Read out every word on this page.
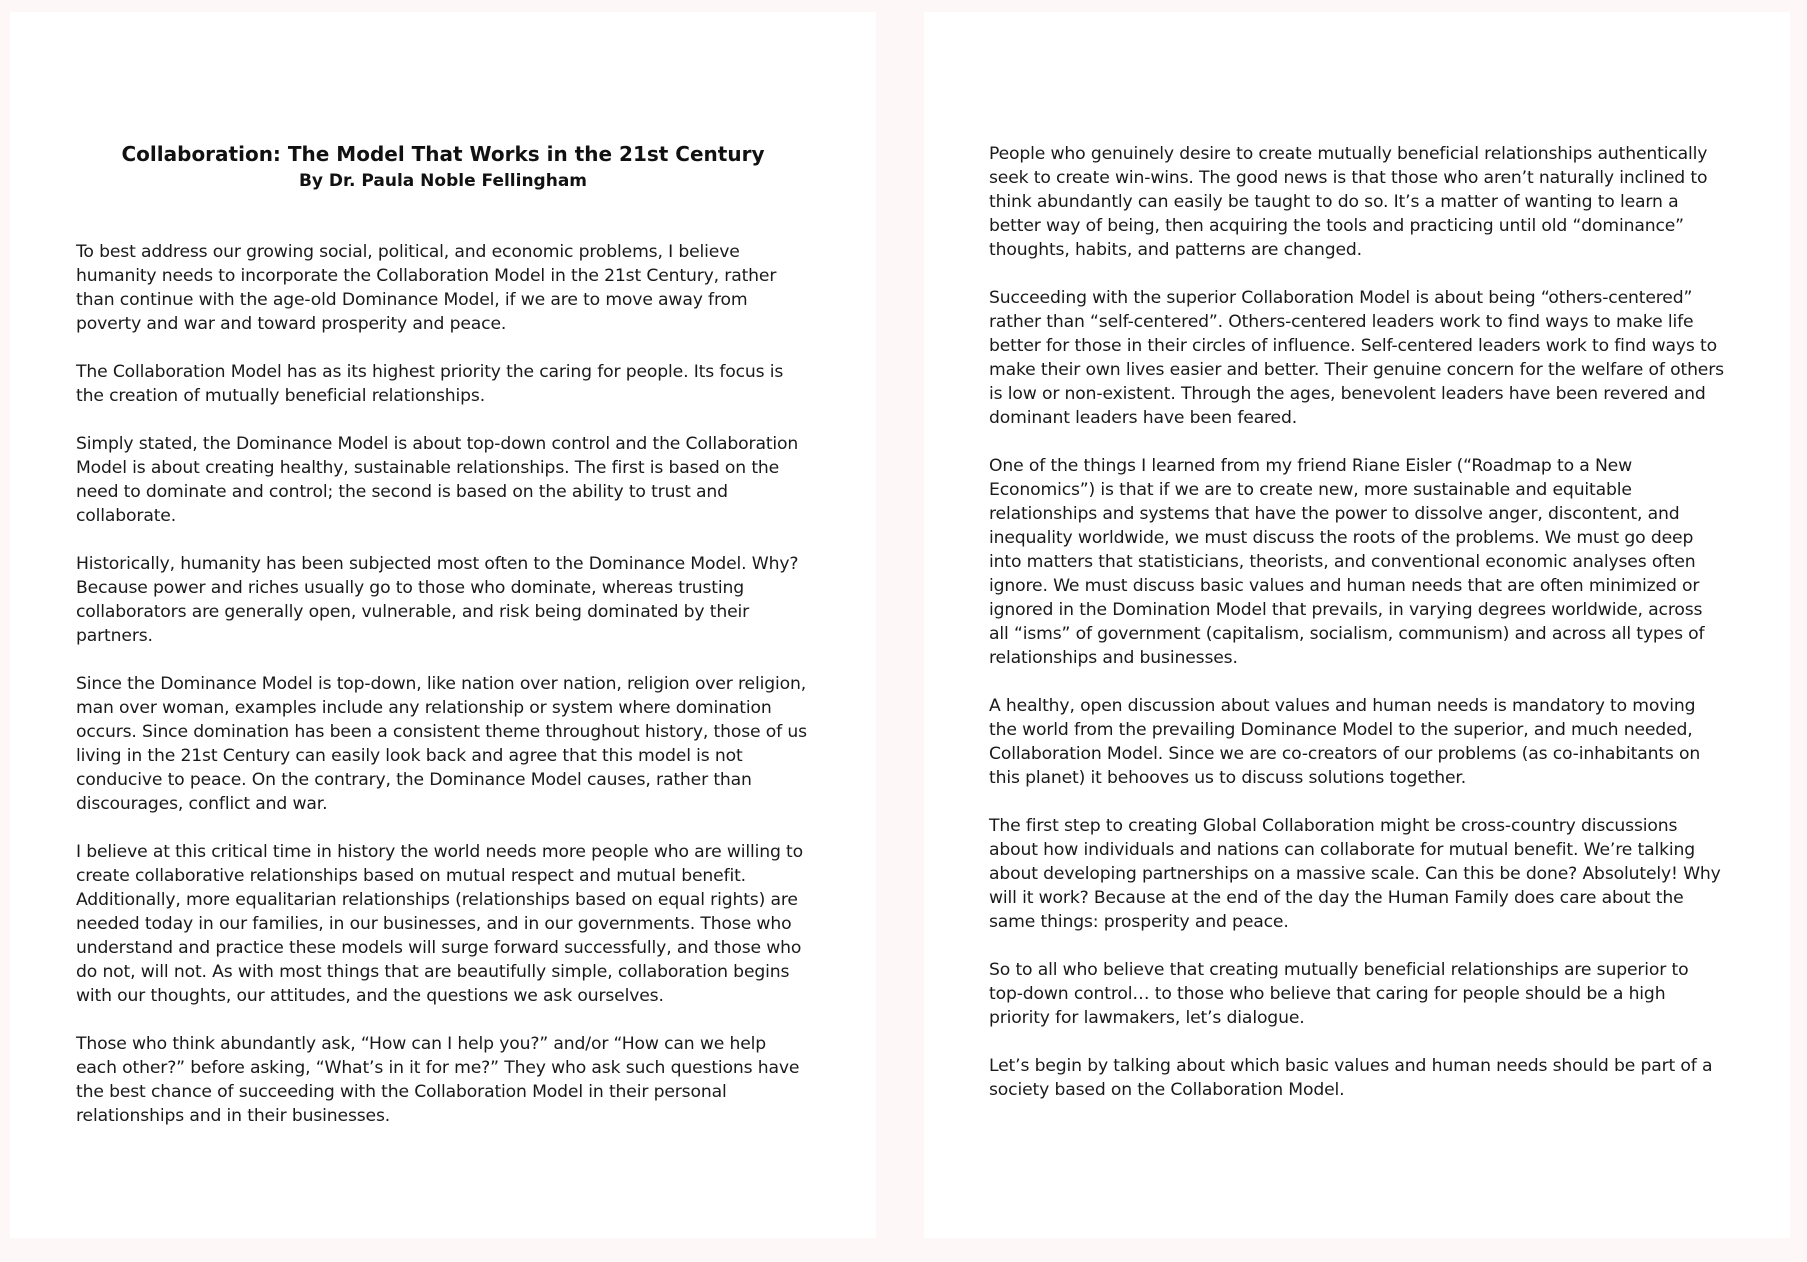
Collaboration: The Model That Works in the 21st Century
By Dr. Paula Noble Fellingham

To best address our growing social, political, and economic problems, I believe humanity needs to incorporate the Collaboration Model in the 21st Century, rather than continue with the age-old Dominance Model, if we are to move away from poverty and war and toward prosperity and peace.

The Collaboration Model has as its highest priority the caring for people. Its focus is the creation of mutually beneficial relationships.

Simply stated, the Dominance Model is about top-down control and the Collaboration Model is about creating healthy, sustainable relationships. The first is based on the need to dominate and control; the second is based on the ability to trust and collaborate.

Historically, humanity has been subjected most often to the Dominance Model. Why? Because power and riches usually go to those who dominate, whereas trusting collaborators are generally open, vulnerable, and risk being dominated by their partners.

Since the Dominance Model is top-down, like nation over nation, religion over religion, man over woman, examples include any relationship or system where domination occurs. Since domination has been a consistent theme throughout history, those of us living in the 21st Century can easily look back and agree that this model is not conducive to peace. On the contrary, the Dominance Model causes, rather than discourages, conflict and war.

I believe at this critical time in history the world needs more people who are willing to create collaborative relationships based on mutual respect and mutual benefit. Additionally, more equalitarian relationships (relationships based on equal rights) are needed today in our families, in our businesses, and in our governments. Those who understand and practice these models will surge forward successfully, and those who do not, will not. As with most things that are beautifully simple, collaboration begins with our thoughts, our attitudes, and the questions we ask ourselves.

Those who think abundantly ask, “How can I help you?” and/or “How can we help each other?” before asking, “What’s in it for me?” They who ask such questions have the best chance of succeeding with the Collaboration Model in their personal relationships and in their businesses.

People who genuinely desire to create mutually beneficial relationships authentically seek to create win-wins. The good news is that those who aren’t naturally inclined to think abundantly can easily be taught to do so. It’s a matter of wanting to learn a better way of being, then acquiring the tools and practicing until old “dominance” thoughts, habits, and patterns are changed.

Succeeding with the superior Collaboration Model is about being “others-centered” rather than “self-centered”. Others-centered leaders work to find ways to make life better for those in their circles of influence. Self-centered leaders work to find ways to make their own lives easier and better. Their genuine concern for the welfare of others is low or non-existent. Through the ages, benevolent leaders have been revered and dominant leaders have been feared.

One of the things I learned from my friend Riane Eisler (“Roadmap to a New Economics”) is that if we are to create new, more sustainable and equitable relationships and systems that have the power to dissolve anger, discontent, and inequality worldwide, we must discuss the roots of the problems. We must go deep into matters that statisticians, theorists, and conventional economic analyses often ignore. We must discuss basic values and human needs that are often minimized or ignored in the Domination Model that prevails, in varying degrees worldwide, across all “isms” of government (capitalism, socialism, communism) and across all types of relationships and businesses.

A healthy, open discussion about values and human needs is mandatory to moving the world from the prevailing Dominance Model to the superior, and much needed, Collaboration Model. Since we are co-creators of our problems (as co-inhabitants on this planet) it behooves us to discuss solutions together.

The first step to creating Global Collaboration might be cross-country discussions about how individuals and nations can collaborate for mutual benefit. We’re talking about developing partnerships on a massive scale. Can this be done? Absolutely! Why will it work? Because at the end of the day the Human Family does care about the same things: prosperity and peace.

So to all who believe that creating mutually beneficial relationships are superior to top-down control… to those who believe that caring for people should be a high priority for lawmakers, let’s dialogue.

Let’s begin by talking about which basic values and human needs should be part of a society based on the Collaboration Model.
